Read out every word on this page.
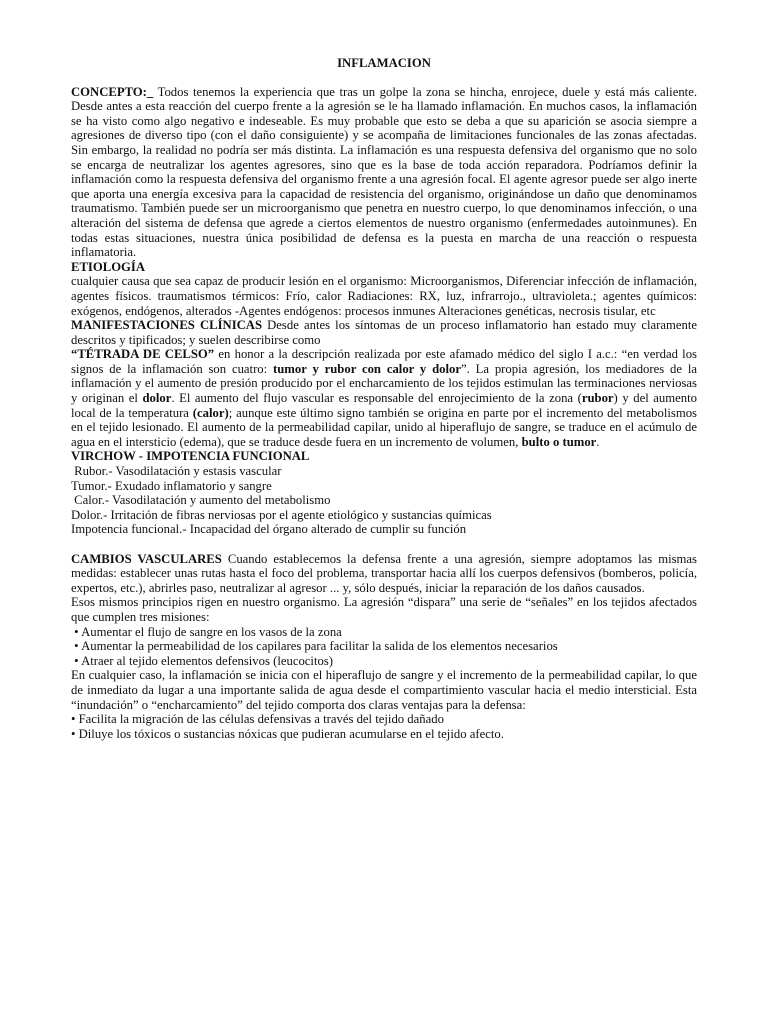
INFLAMACION

CONCEPTO:_ Todos tenemos la experiencia que tras un golpe la zona se hincha, enrojece, duele y está más caliente. Desde antes a esta reacción del cuerpo frente a la agresión se le ha llamado inflamación. En muchos casos, la inflamación se ha visto como algo negativo e indeseable. Es muy probable que esto se deba a que su aparición se asocia siempre a agresiones de diverso tipo (con el daño consiguiente) y se acompaña de limitaciones funcionales de las zonas afectadas. Sin embargo, la realidad no podría ser más distinta. La inflamación es una respuesta defensiva del organismo que no solo se encarga de neutralizar los agentes agresores, sino que es la base de toda acción reparadora. Podríamos definir la inflamación como la respuesta defensiva del organismo frente a una agresión focal. El agente agresor puede ser algo inerte que aporta una energía excesiva para la capacidad de resistencia del organismo, originándose un daño que denominamos traumatismo. También puede ser un microorganismo que penetra en nuestro cuerpo, lo que denominamos infección, o una alteración del sistema de defensa que agrede a ciertos elementos de nuestro organismo (enfermedades autoinmunes). En todas estas situaciones, nuestra única posibilidad de defensa es la puesta en marcha de una reacción o respuesta inflamatoria.

ETIOLOGÍA

cualquier causa que sea capaz de producir lesión en el organismo: Microorganismos, Diferenciar infección de inflamación, agentes físicos. traumatismos térmicos: Frío, calor Radiaciones: RX, luz, infrarrojo., ultravioleta.; agentes químicos: exógenos, endógenos, alterados -Agentes endógenos: procesos inmunes Alteraciones genéticas, necrosis tisular, etc

MANIFESTACIONES CLÍNICAS Desde antes los síntomas de un proceso inflamatorio han estado muy claramente descritos y tipificados; y suelen describirse como

“TÉTRADA DE CELSO” en honor a la descripción realizada por este afamado médico del siglo I a.c.: “en verdad los signos de la inflamación son cuatro: tumor y rubor con calor y dolor”. La propia agresión, los mediadores de la inflamación y el aumento de presión producido por el encharcamiento de los tejidos estimulan las terminaciones nerviosas y originan el dolor. El aumento del flujo vascular es responsable del enrojecimiento de la zona (rubor) y del aumento local de la temperatura (calor); aunque este último signo también se origina en parte por el incremento del metabolismos en el tejido lesionado. El aumento de la permeabilidad capilar, unido al hiperaflujo de sangre, se traduce en el acúmulo de agua en el intersticio (edema), que se traduce desde fuera en un incremento de volumen, bulto o tumor.

VIRCHOW - IMPOTENCIA FUNCIONAL
Rubor.- Vasodilatación y estasis vascular
Tumor.- Exudado inflamatorio y sangre
Calor.- Vasodilatación y aumento del metabolismo
Dolor.- Irritación de fibras nerviosas por el agente etiológico y sustancias químicas
Impotencia funcional.- Incapacidad del órgano alterado de cumplir su función

CAMBIOS VASCULARES Cuando establecemos la defensa frente a una agresión, siempre adoptamos las mismas medidas: establecer unas rutas hasta el foco del problema, transportar hacia allí los cuerpos defensivos (bomberos, policía, expertos, etc.), abrirles paso, neutralizar al agresor ... y, sólo después, iniciar la reparación de los daños causados.

Esos mismos principios rigen en nuestro organismo. La agresión “dispara” una serie de “señales” en los tejidos afectados que cumplen tres misiones:

• Aumentar el flujo de sangre en los vasos de la zona
• Aumentar la permeabilidad de los capilares para facilitar la salida de los elementos necesarios
• Atraer al tejido elementos defensivos (leucocitos)

En cualquier caso, la inflamación se inicia con el hiperaflujo de sangre y el incremento de la permeabilidad capilar, lo que de inmediato da lugar a una importante salida de agua desde el compartimiento vascular hacia el medio intersticial. Esta “inundación” o “encharcamiento” del tejido comporta dos claras ventajas para la defensa:

• Facilita la migración de las células defensivas a través del tejido dañado
• Diluye los tóxicos o sustancias nóxicas que pudieran acumularse en el tejido afecto.
